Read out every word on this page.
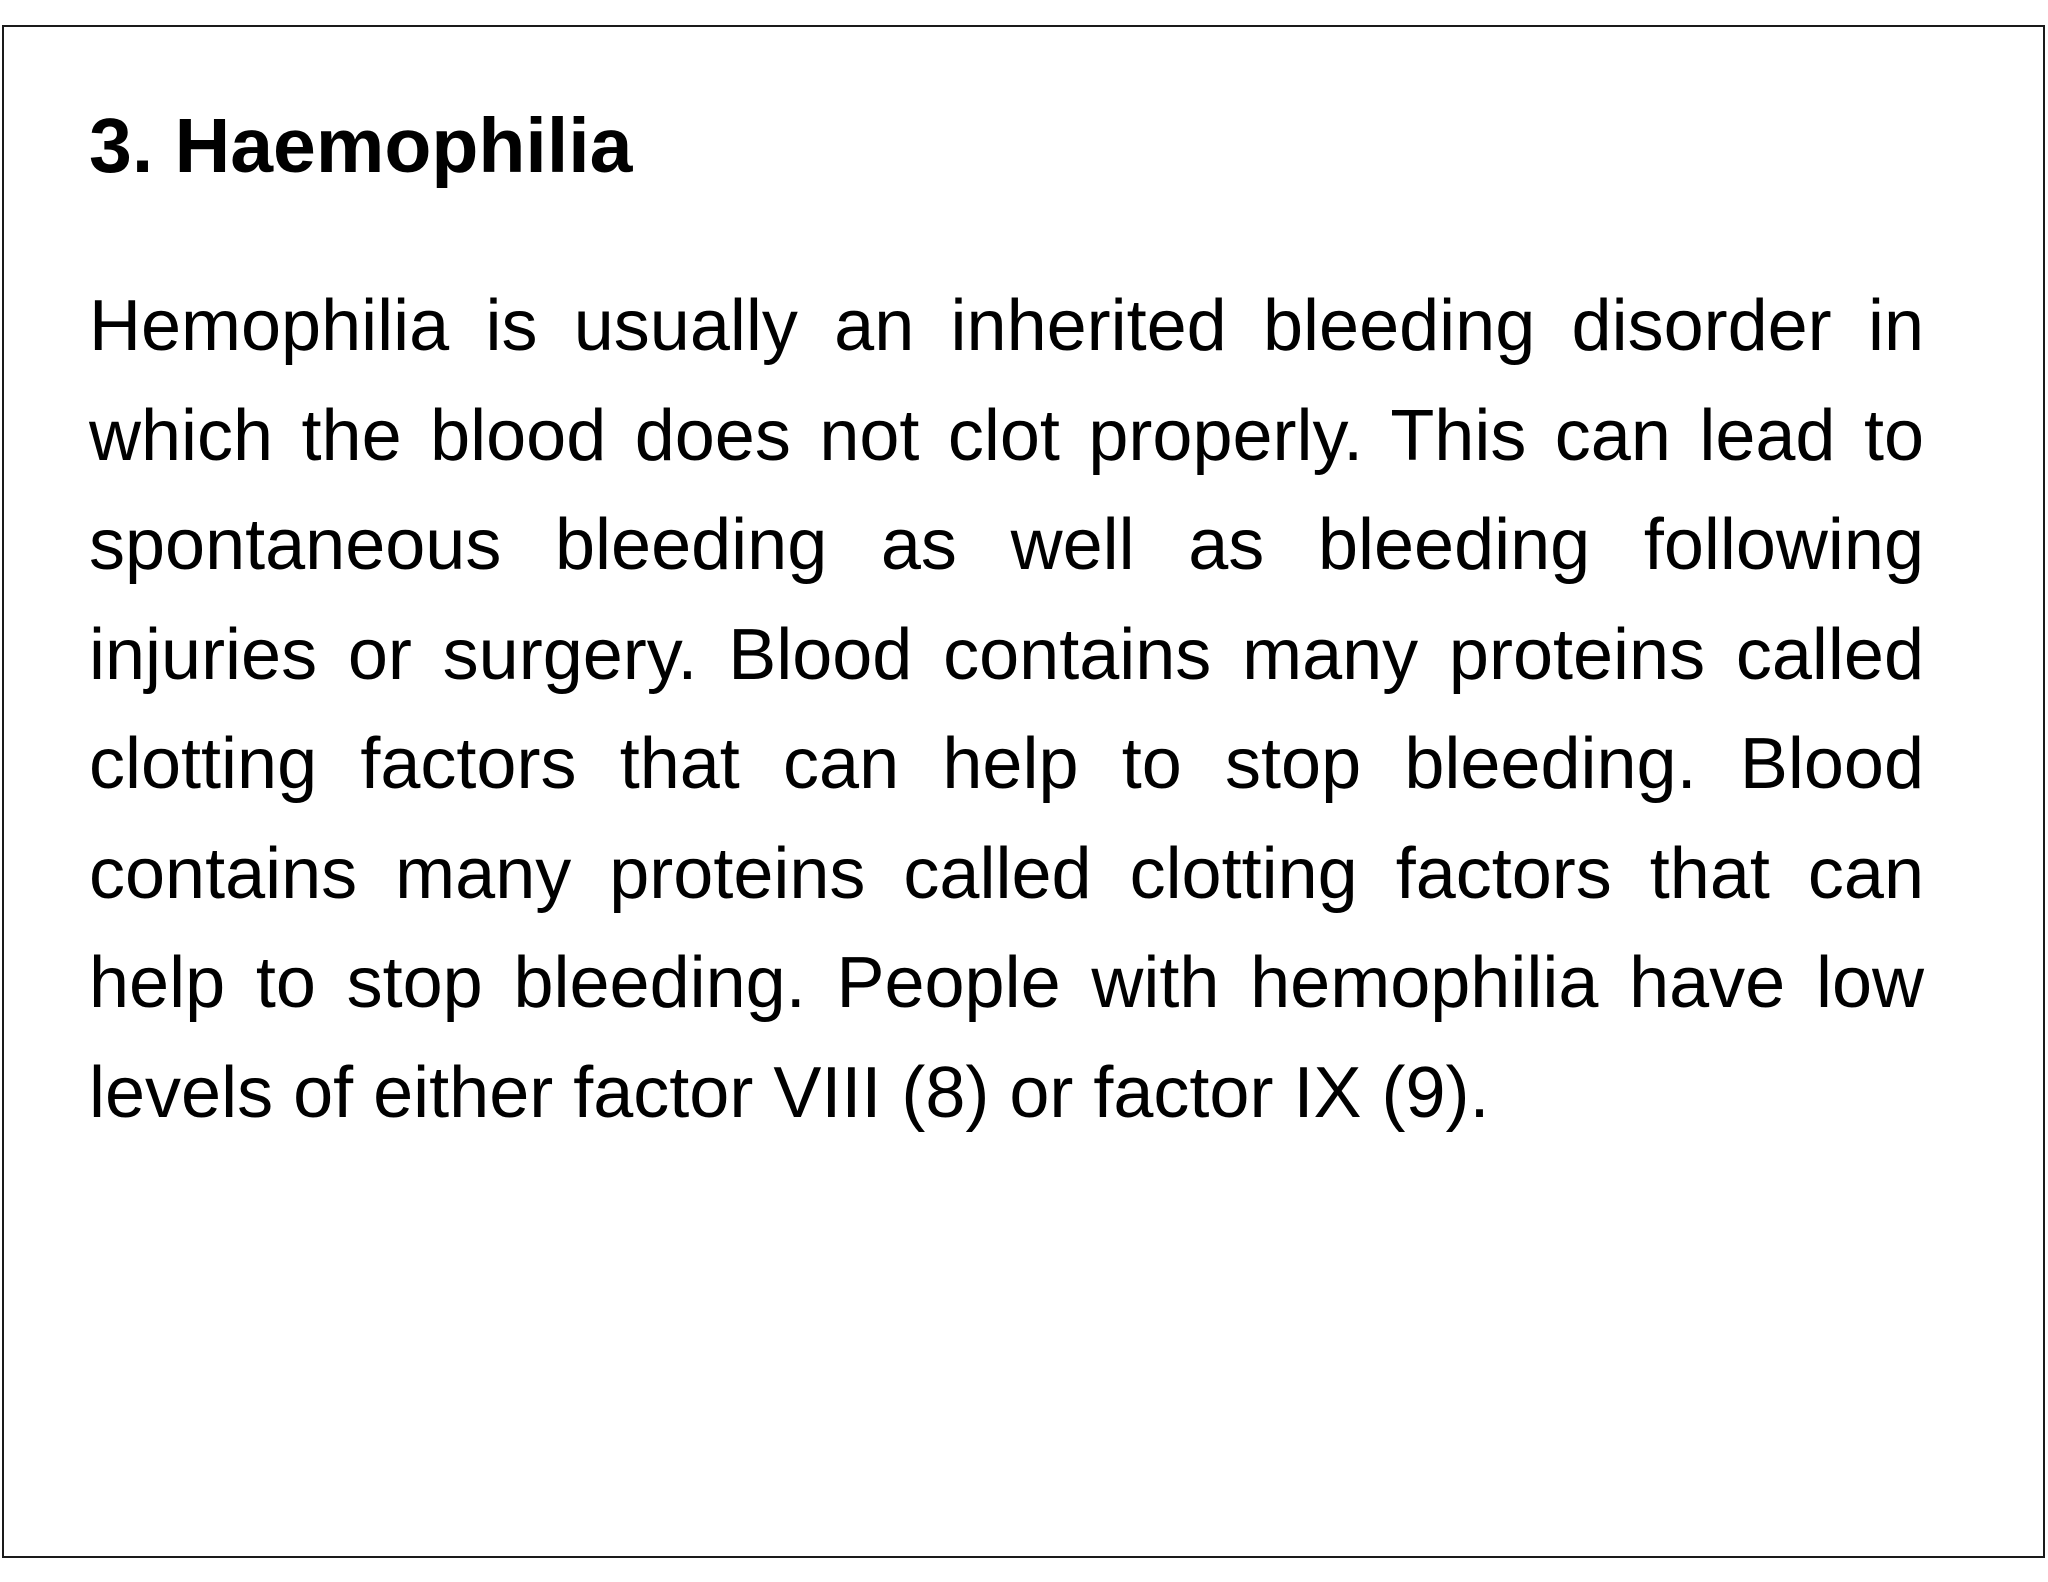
3. Haemophilia

Hemophilia is usually an inherited bleeding disorder in which the blood does not clot properly. This can lead to spontaneous bleeding as well as bleeding following injuries or surgery. Blood contains many proteins called clotting factors that can help to stop bleeding. Blood contains many proteins called clotting factors that can help to stop bleeding. People with hemophilia have low levels of either factor VIII (8) or factor IX (9).
